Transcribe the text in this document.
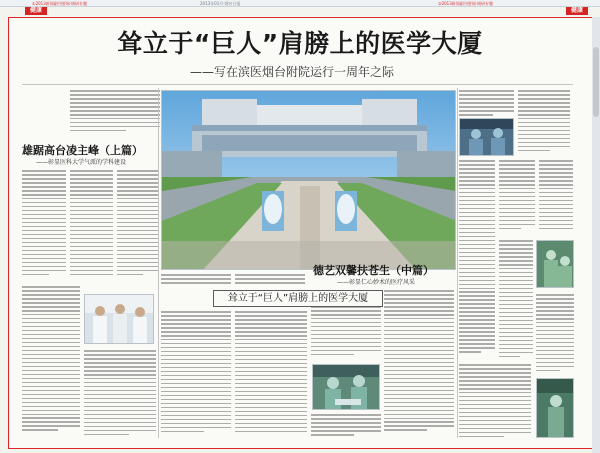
①2013新闻副刊要闻·调研专题	2013年01月·烟台日报	②2013新闻副刊要闻·调研专题
健康	健康
耸立于“巨人”肩膀上的医学大厦
——写在滨医烟台附院运行一周年之际
雄踞高台凌主峰（上篇）
——彰显医科大学气派的学科建设
德艺双馨扶苍生（中篇）
——彰显仁心妙术的医疗风采
耸立于“巨人”肩膀上的医学大厦
